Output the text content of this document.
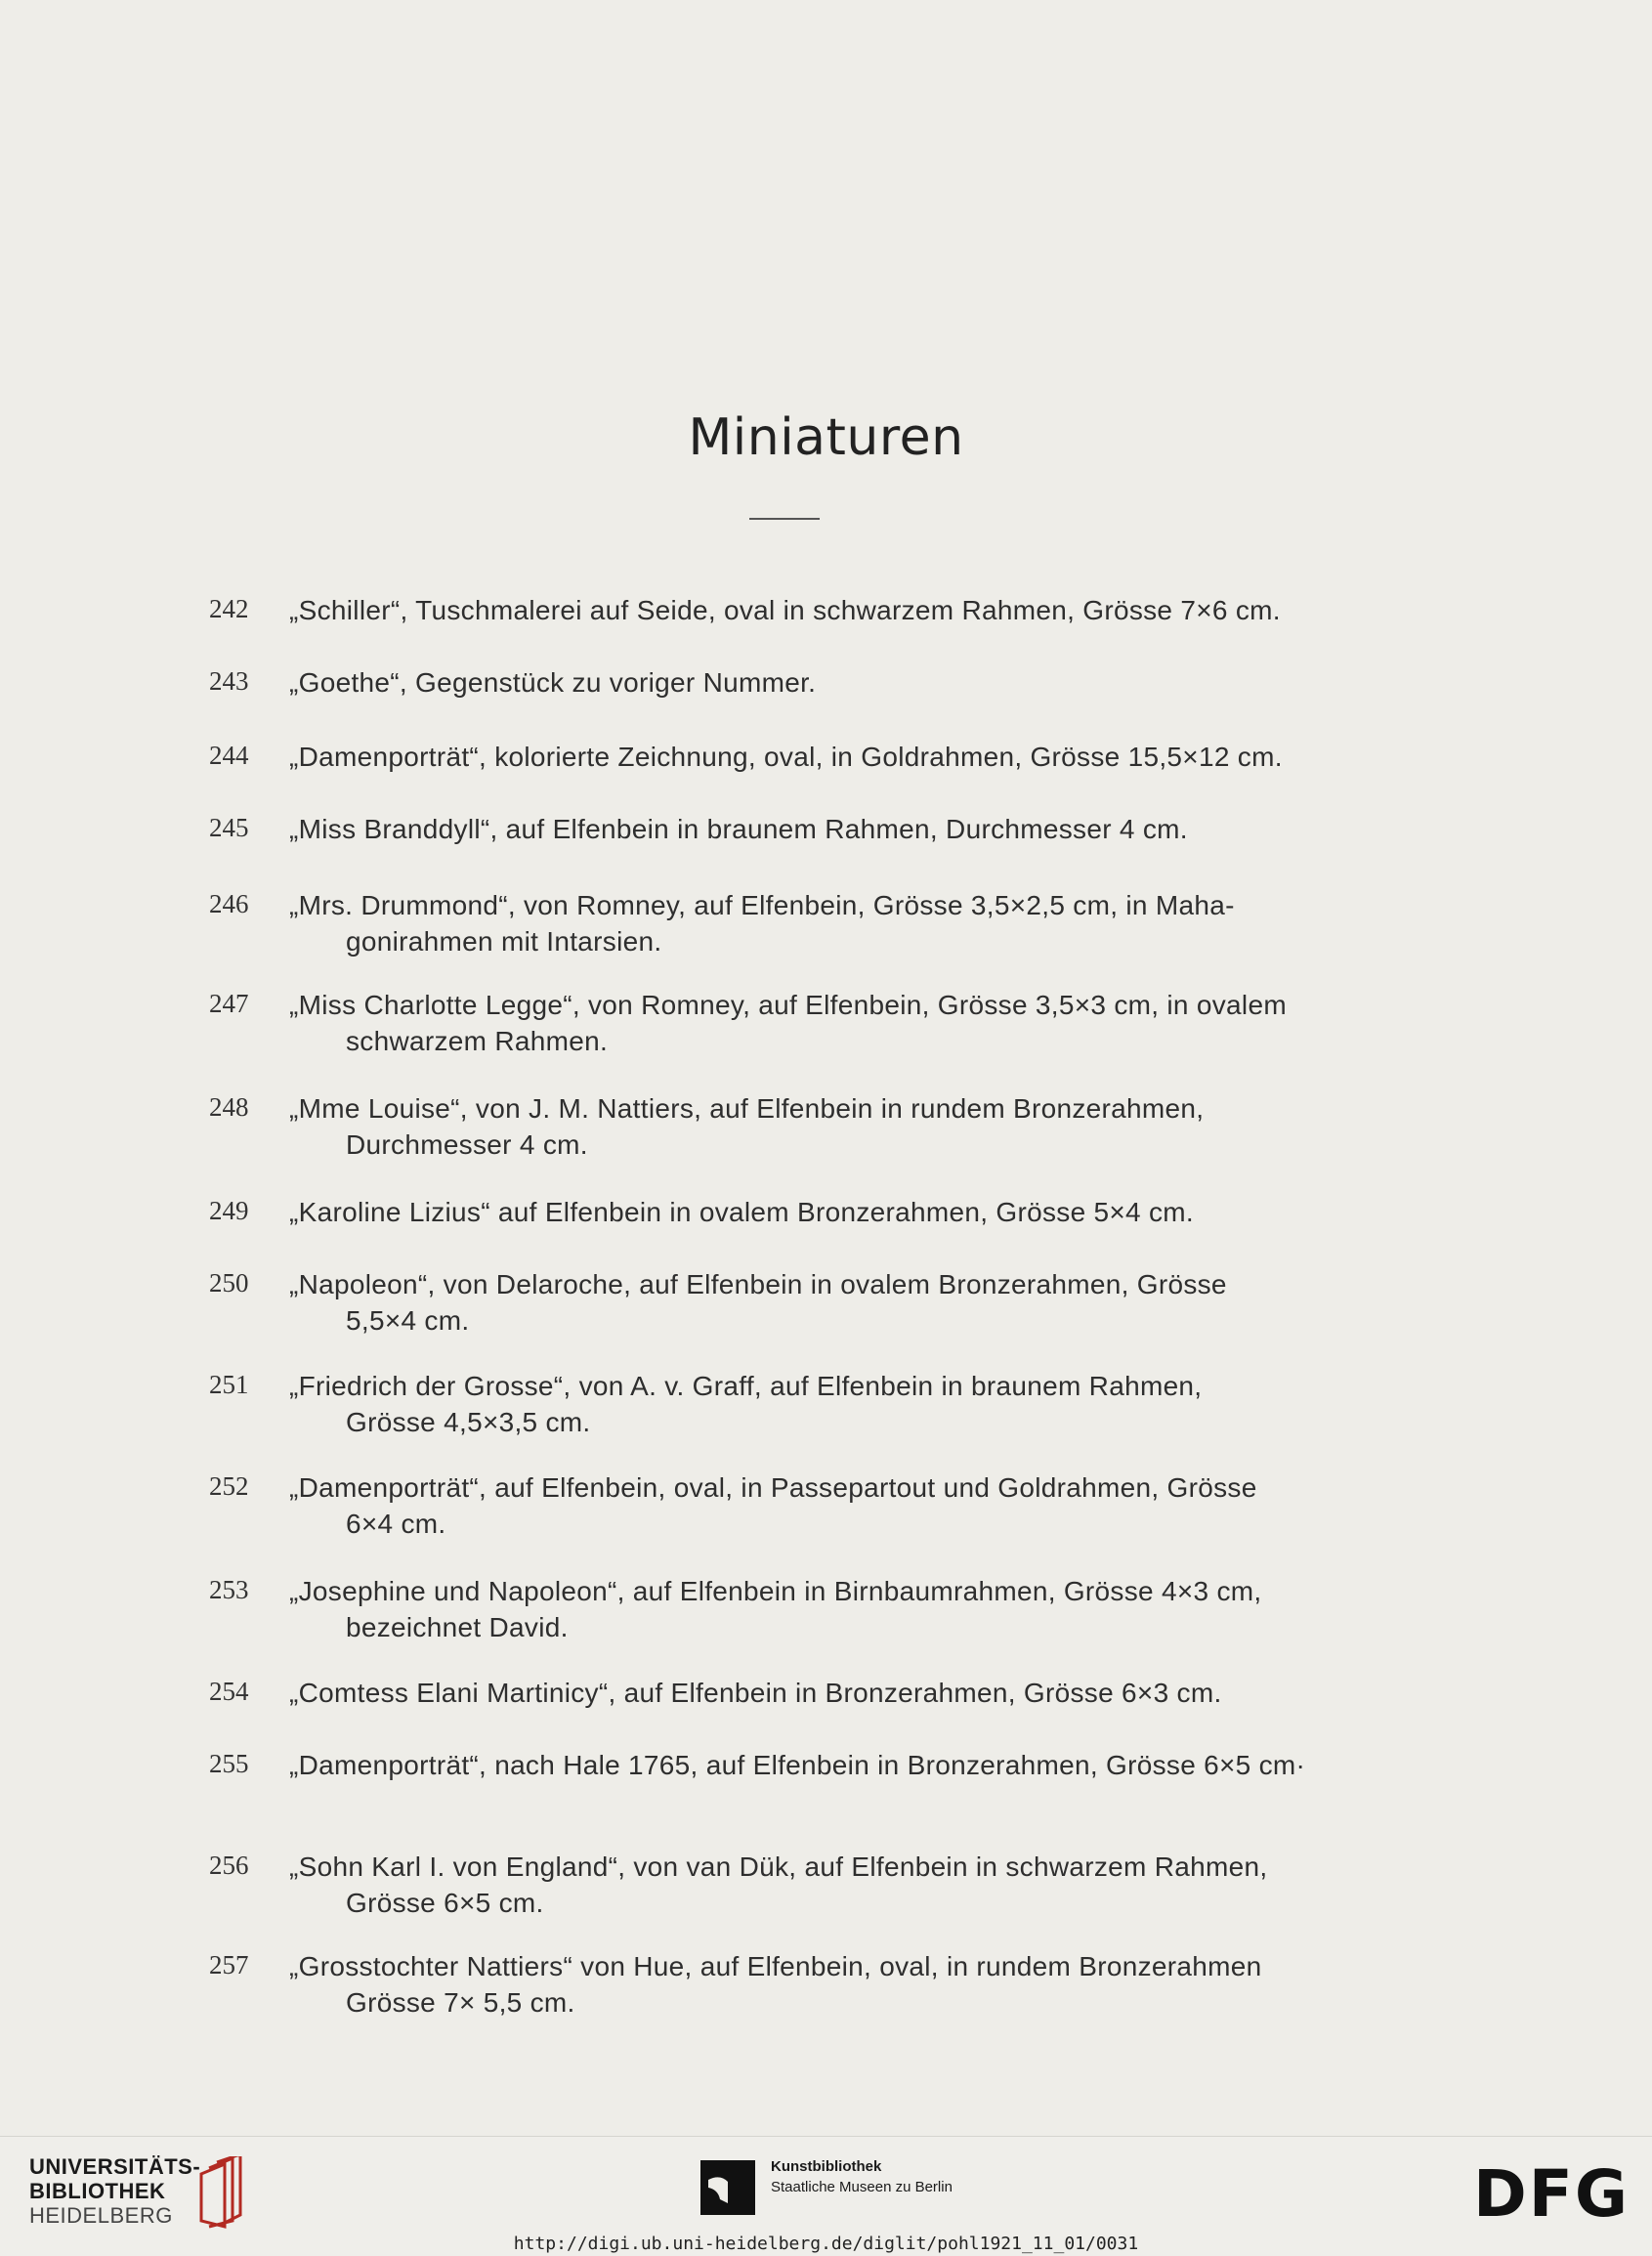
Miniaturen
242 „Schiller“, Tuschmalerei auf Seide, oval in schwarzem Rahmen, Grösse 7×6 cm.
243 „Goethe“, Gegenstück zu voriger Nummer.
244 „Damenporträt“, kolorierte Zeichnung, oval, in Goldrahmen, Grösse 15,5×12 cm.
245 „Miss Branddyll“, auf Elfenbein in braunem Rahmen, Durchmesser 4 cm.
246 „Mrs. Drummond“, von Romney, auf Elfenbein, Grösse 3,5×2,5 cm, in Maha-
gonirahmen mit Intarsien.
247 „Miss Charlotte Legge“, von Romney, auf Elfenbein, Grösse 3,5×3 cm, in ovalem
schwarzem Rahmen.
248 „Mme Louise“, von J. M. Nattiers, auf Elfenbein in rundem Bronzerahmen,
Durchmesser 4 cm.
249 „Karoline Lizius“ auf Elfenbein in ovalem Bronzerahmen, Grösse 5×4 cm.
250 „Napoleon“, von Delaroche, auf Elfenbein in ovalem Bronzerahmen, Grösse
5,5×4 cm.
251 „Friedrich der Grosse“, von A. v. Graff, auf Elfenbein in braunem Rahmen,
Grösse 4,5×3,5 cm.
252 „Damenporträt“, auf Elfenbein, oval, in Passepartout und Goldrahmen, Grösse
6×4 cm.
253 „Josephine und Napoleon“, auf Elfenbein in Birnbaumrahmen, Grösse 4×3 cm,
bezeichnet David.
254 „Comtess Elani Martinicy“, auf Elfenbein in Bronzerahmen, Grösse 6×3 cm.
255 „Damenporträt“, nach Hale 1765, auf Elfenbein in Bronzerahmen, Grösse 6×5 cm·
256 „Sohn Karl I. von England“, von van Dük, auf Elfenbein in schwarzem Rahmen,
Grösse 6×5 cm.
257 „Grosstochter Nattiers“ von Hue, auf Elfenbein, oval, in rundem Bronzerahmen
Grösse 7× 5,5 cm.
UNIVERSITÄTS-
BIBLIOTHEK
HEIDELBERG
Kunstbibliothek
Staatliche Museen zu Berlin	DFG
http://digi.ub.uni-heidelberg.de/diglit/pohl1921_11_01/0031
